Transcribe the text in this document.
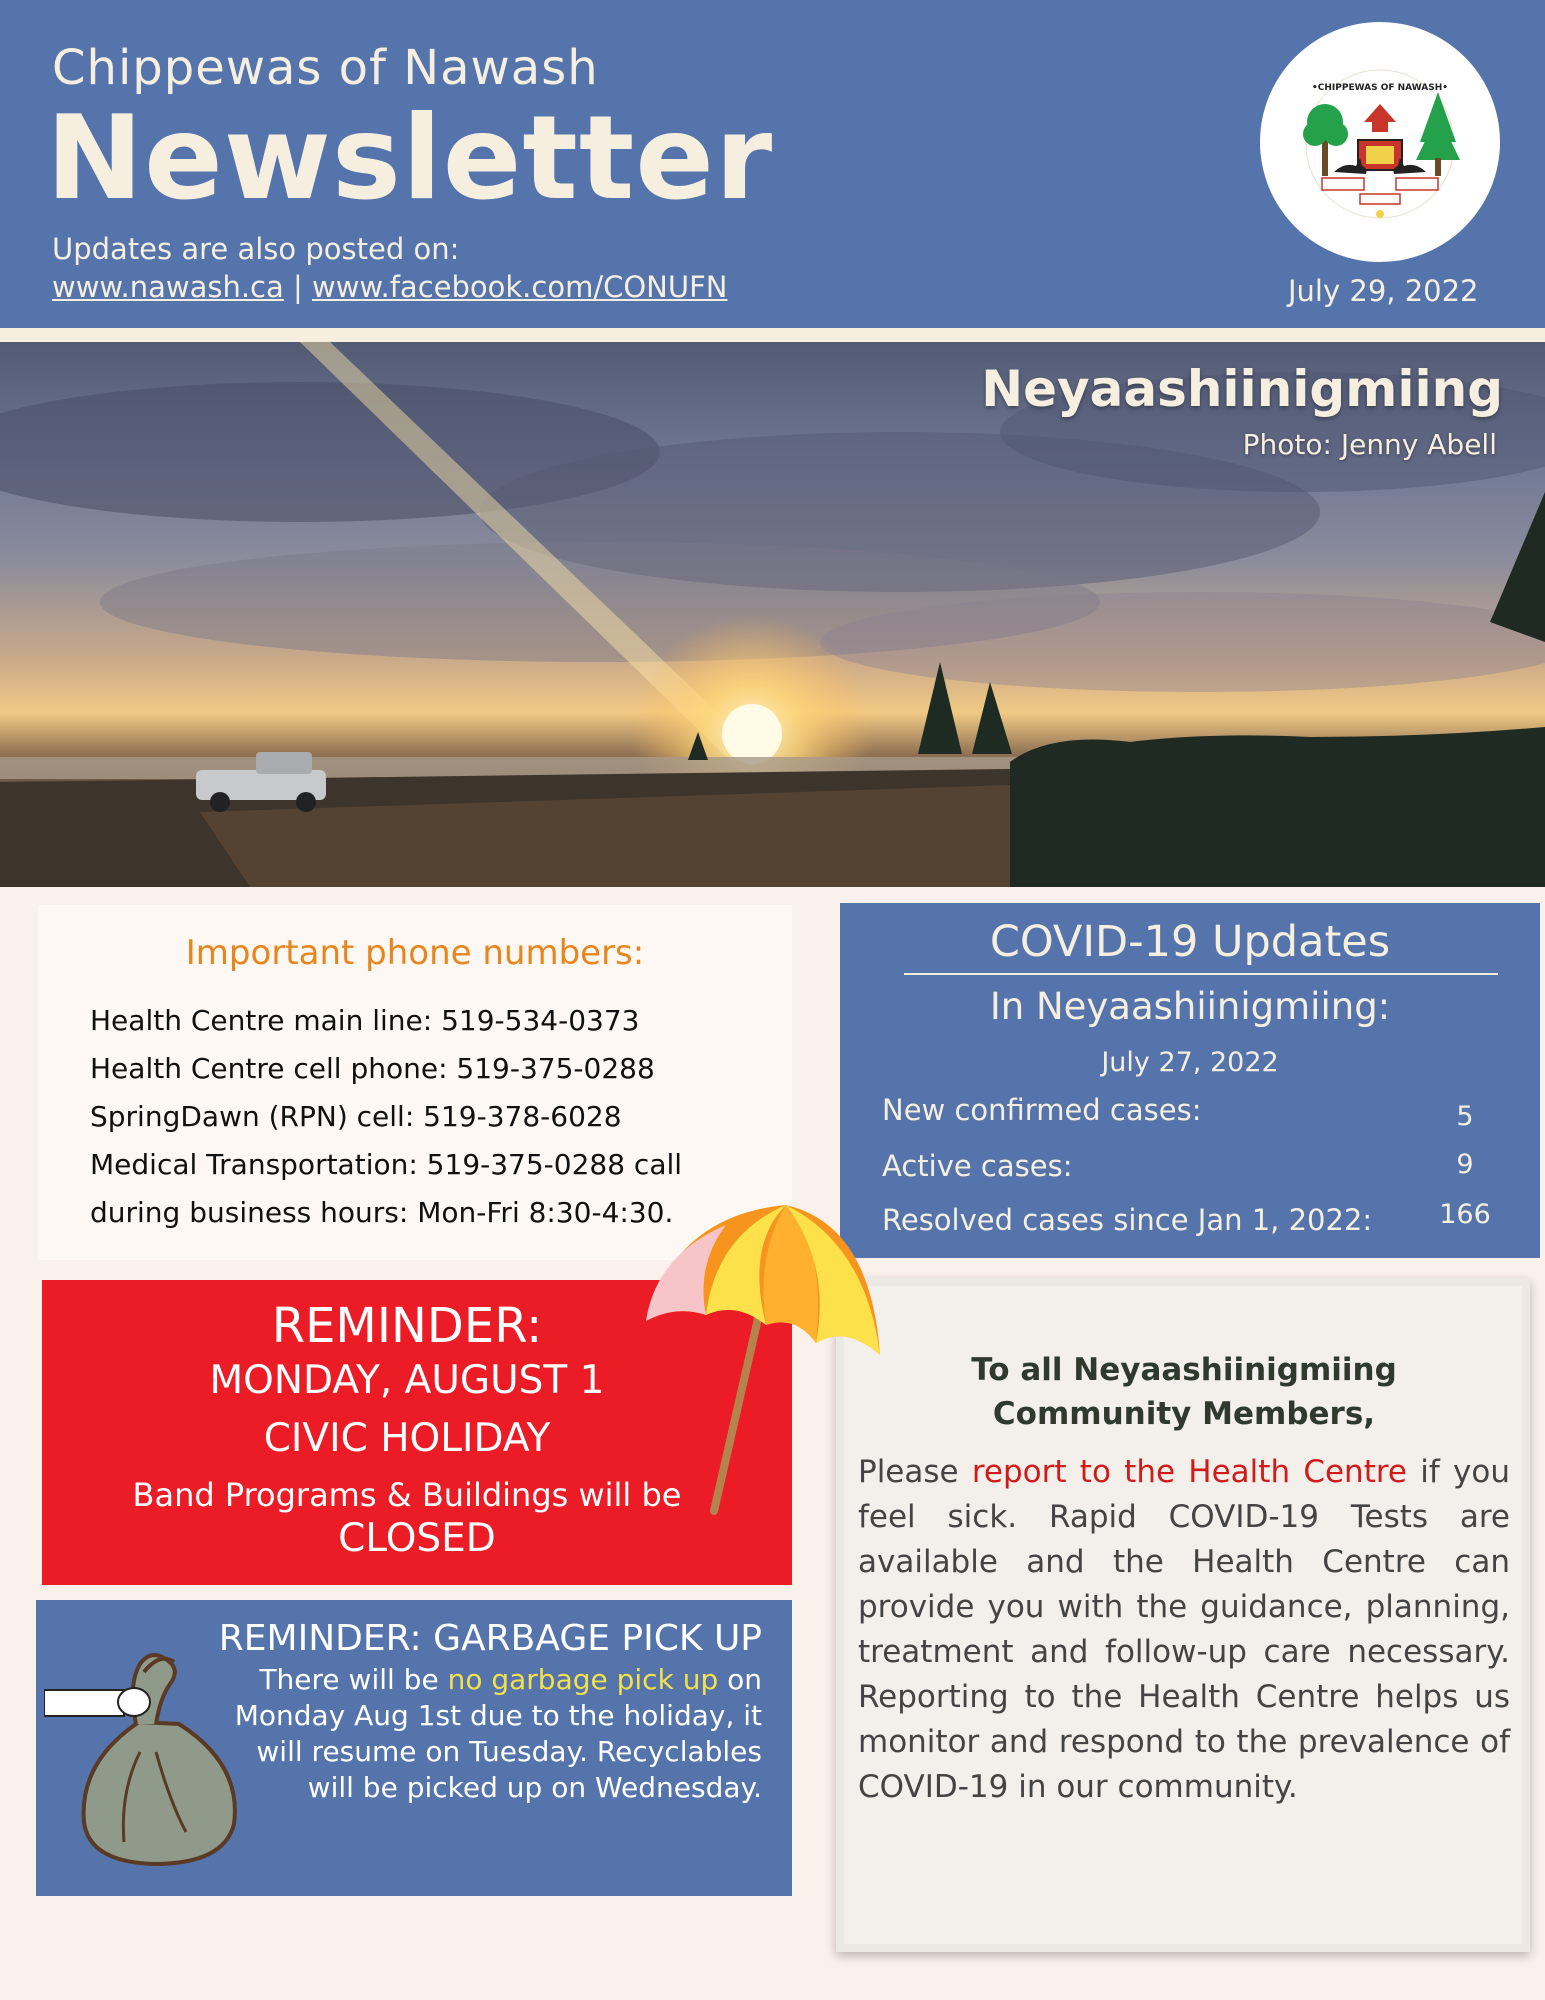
Chippewas of Nawash
Newsletter
Updates are also posted on:
www.nawash.ca | www.facebook.com/CONUFN
•CHIPPEWAS OF NAWASH•
July 29, 2022
Neyaashiinigmiing
Photo: Jenny Abell
Important phone numbers:
Health Centre main line: 519-534-0373
Health Centre cell phone: 519-375-0288
SpringDawn (RPN) cell: 519-378-6028
Medical Transportation: 519-375-0288 call
during business hours: Mon-Fri 8:30-4:30.
REMINDER:
MONDAY, AUGUST 1
CIVIC HOLIDAY
Band Programs & Buildings will be
CLOSED
REMINDER: GARBAGE PICK UP
There will be no garbage pick up on Monday Aug 1st due to the holiday, it will resume on Tuesday. Recyclables will be picked up on Wednesday.
COVID-19 Updates
In Neyaashiinigmiing:
July 27, 2022
New confirmed cases:	5
Active cases:	9
Resolved cases since Jan 1, 2022:	166
To all Neyaashiinigmiing
Community Members,
Please report to the Health Centre if you feel sick. Rapid COVID-19 Tests are available and the Health Centre can provide you with the guidance, planning, treatment and follow-up care necessary. Reporting to the Health Centre helps us monitor and respond to the prevalence of COVID-19 in our community.
